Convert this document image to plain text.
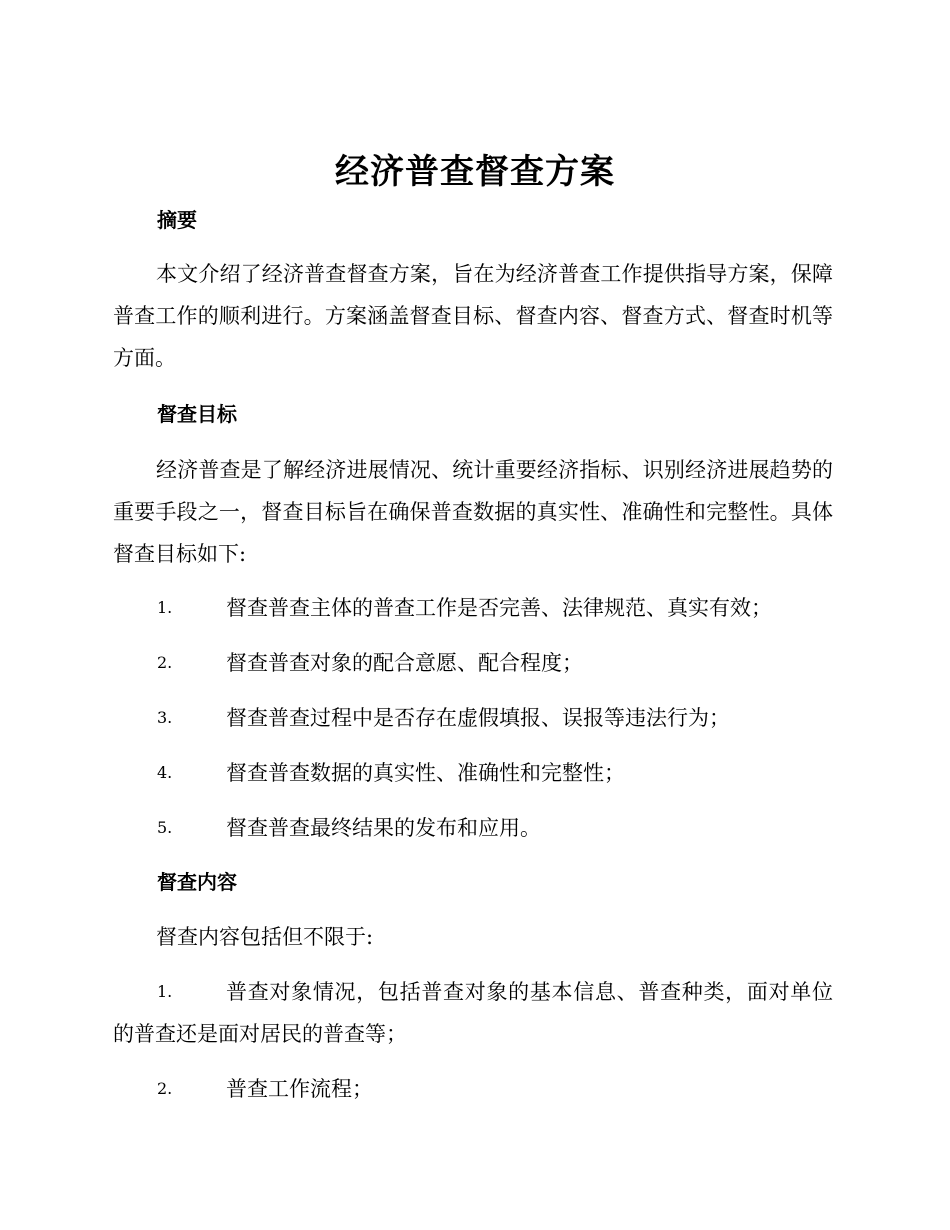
经济普查督查方案
摘要
本文介绍了经济普查督查方案，旨在为经济普查工作提供指导方案，保障普查工作的顺利进行。方案涵盖督查目标、督查内容、督查方式、督查时机等方面。
督查目标
经济普查是了解经济进展情况、统计重要经济指标、识别经济进展趋势的重要手段之一，督查目标旨在确保普查数据的真实性、准确性和完整性。具体督查目标如下:
1.	督查普查主体的普查工作是否完善、法律规范、真实有效；
2.	督查普查对象的配合意愿、配合程度；
3.	督查普查过程中是否存在虚假填报、误报等违法行为；
4.	督查普查数据的真实性、准确性和完整性；
5.	督查普查最终结果的发布和应用。
督查内容
督查内容包括但不限于:
1.	普查对象情况，包括普查对象的基本信息、普查种类，面对单位的普查还是面对居民的普查等；
2.	普查工作流程；
